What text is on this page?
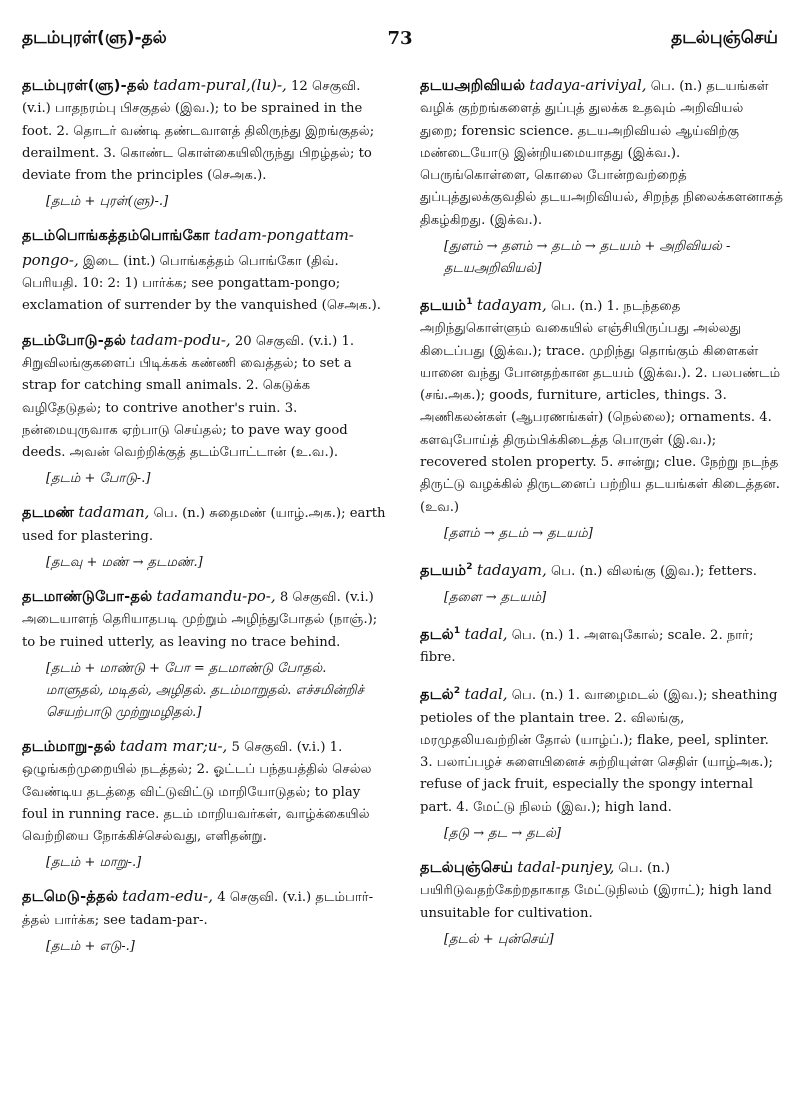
தடம்புரள்(ளு)-தல்	73	தடல்புஞ்செய்
தடம்புரள்(ளு)-தல் tadam-pural,(lu)-, 12 செகுவி. (v.i.) பாதநரம்பு பிசகுதல் (இவ.); to be sprained in the foot. 2. தொடர் வண்டி தண்டவாளத் திலிருந்து இறங்குதல்; derailment. 3. கொண்ட கொள்கையிலிருந்து பிறழ்தல்; to deviate from the principles (செஅக.).
[தடம் + புரள்(ளு)-.]
தடம்பொங்கத்தம்பொங்கோ tadam-pongattam-pongo-, இடை (int.) பொங்கத்தம் பொங்கோ (திவ். பெரியதி. 10: 2: 1) பார்க்க; see pongattam-pongo; exclamation of surrender by the vanquished (செஅக.).
தடம்போடு-தல் tadam-podu-, 20 செகுவி. (v.i.) 1. சிறுவிலங்குகளைப் பிடிக்கக் கண்ணி வைத்தல்; to set a strap for catching small animals. 2. கெடுக்க வழிதேடுதல்; to contrive another's ruin. 3. நன்மையுருவாக ஏற்பாடு செய்தல்; to pave way good deeds. அவன் வெற்றிக்குத் தடம்போட்டான் (உ.வ.).
[தடம் + போடு-.]
தடமண் tadaman, பெ. (n.) சுதைமண் (யாழ்.அக.); earth used for plastering.
[தடவு + மண் → தடமண்.]
தடமாண்டுபோ-தல் tadamandu-po-, 8 செகுவி. (v.i.) அடையாளந் தெரியாதபடி முற்றும் அழிந்துபோதல் (நாஞ்.); to be ruined utterly, as leaving no trace behind.
[தடம் + மாண்டு + போ = தடமாண்டு போதல். மாளுதல், மடிதல், அழிதல். தடம்மாறுதல். எச்சமின்றிச் செயற்பாடு முற்றுமழிதல்.]
தடம்மாறு-தல் tadam mar;u-, 5 செகுவி. (v.i.) 1. ஒழுங்கற்முறையில் நடத்தல்; 2. ஓட்டப் பந்தயத்தில் செல்ல வேண்டிய தடத்தை விட்டுவிட்டு மாறியோடுதல்; to play foul in running race. தடம் மாறியவர்கள், வாழ்க்கையில் வெற்றியை நோக்கிச்செல்வது, எளிதன்று.
[தடம் + மாறு-.]
தடமெடு-த்தல் tadam-edu-, 4 செகுவி. (v.i.) தடம்பார்-த்தல் பார்க்க; see tadam-par-.
[தடம் + எடு-.]
தடயஅறிவியல் tadaya-ariviyal, பெ. (n.) தடயங்கள் வழிக் குற்றங்களைத் துப்புத் துலக்க உதவும் அறிவியல் துறை; forensic science. தடயஅறிவியல் ஆய்விற்கு மண்டையோடு இன்றியமையாதது (இக்வ.). பெருங்கொள்ளை, கொலை போன்றவற்றைத் துப்புத்துலக்குவதில் தடயஅறிவியல், சிறந்த நிலைக்களனாகத் திகழ்கிறது. (இக்வ.).
[துளம் → தளம் → தடம் → தடயம் + அறிவியல் - தடயஅறிவியல்]
தடயம்$^1$ tadayam, பெ. (n.) 1. நடந்ததை அறிந்துகொள்ளும் வகையில் எஞ்சியிருப்பது அல்லது கிடைப்பது (இக்வ.); trace. முறிந்து தொங்கும் கிளைகள் யானை வந்து போனதற்கான தடயம் (இக்வ.). 2. பலபண்டம் (சங்.அக.); goods, furniture, articles, things. 3. அணிகலன்கள் (ஆபரணங்கள்) (நெல்லை); ornaments. 4. களவுபோய்த் திரும்பிக்கிடைத்த பொருள் (இ.வ.); recovered stolen property. 5. சான்று; clue. நேற்று நடந்த திருட்டு வழக்கில் திருடனைப் பற்றிய தடயங்கள் கிடைத்தன. (உவ.)
[தளம் → தடம் → தடயம்]
தடயம்$^2$ tadayam, பெ. (n.) விலங்கு (இவ.); fetters.
[தளை → தடயம்]
தடல்$^1$ tadal, பெ. (n.) 1. அளவுகோல்; scale. 2. நார்; fibre.
தடல்$^2$ tadal, பெ. (n.) 1. வாழைமடல் (இவ.); sheathing petioles of the plantain tree. 2. விலங்கு, மரமுதலியவற்றின் தோல் (யாழ்ப்.); flake, peel, splinter. 3. பலாப்பழச் சுளையினைச் சுற்றியுள்ள செதிள் (யாழ்அக.); refuse of jack fruit, especially the spongy internal part. 4. மேட்டு நிலம் (இவ.); high land.
[தடு → தட → தடல்]
தடல்புஞ்செய் tadal-punjey, பெ. (n.) பயிரிடுவதற்கேற்றதாகாத மேட்டுநிலம் (இராட்); high land unsuitable for cultivation.
[தடல் + புன்செய்]
